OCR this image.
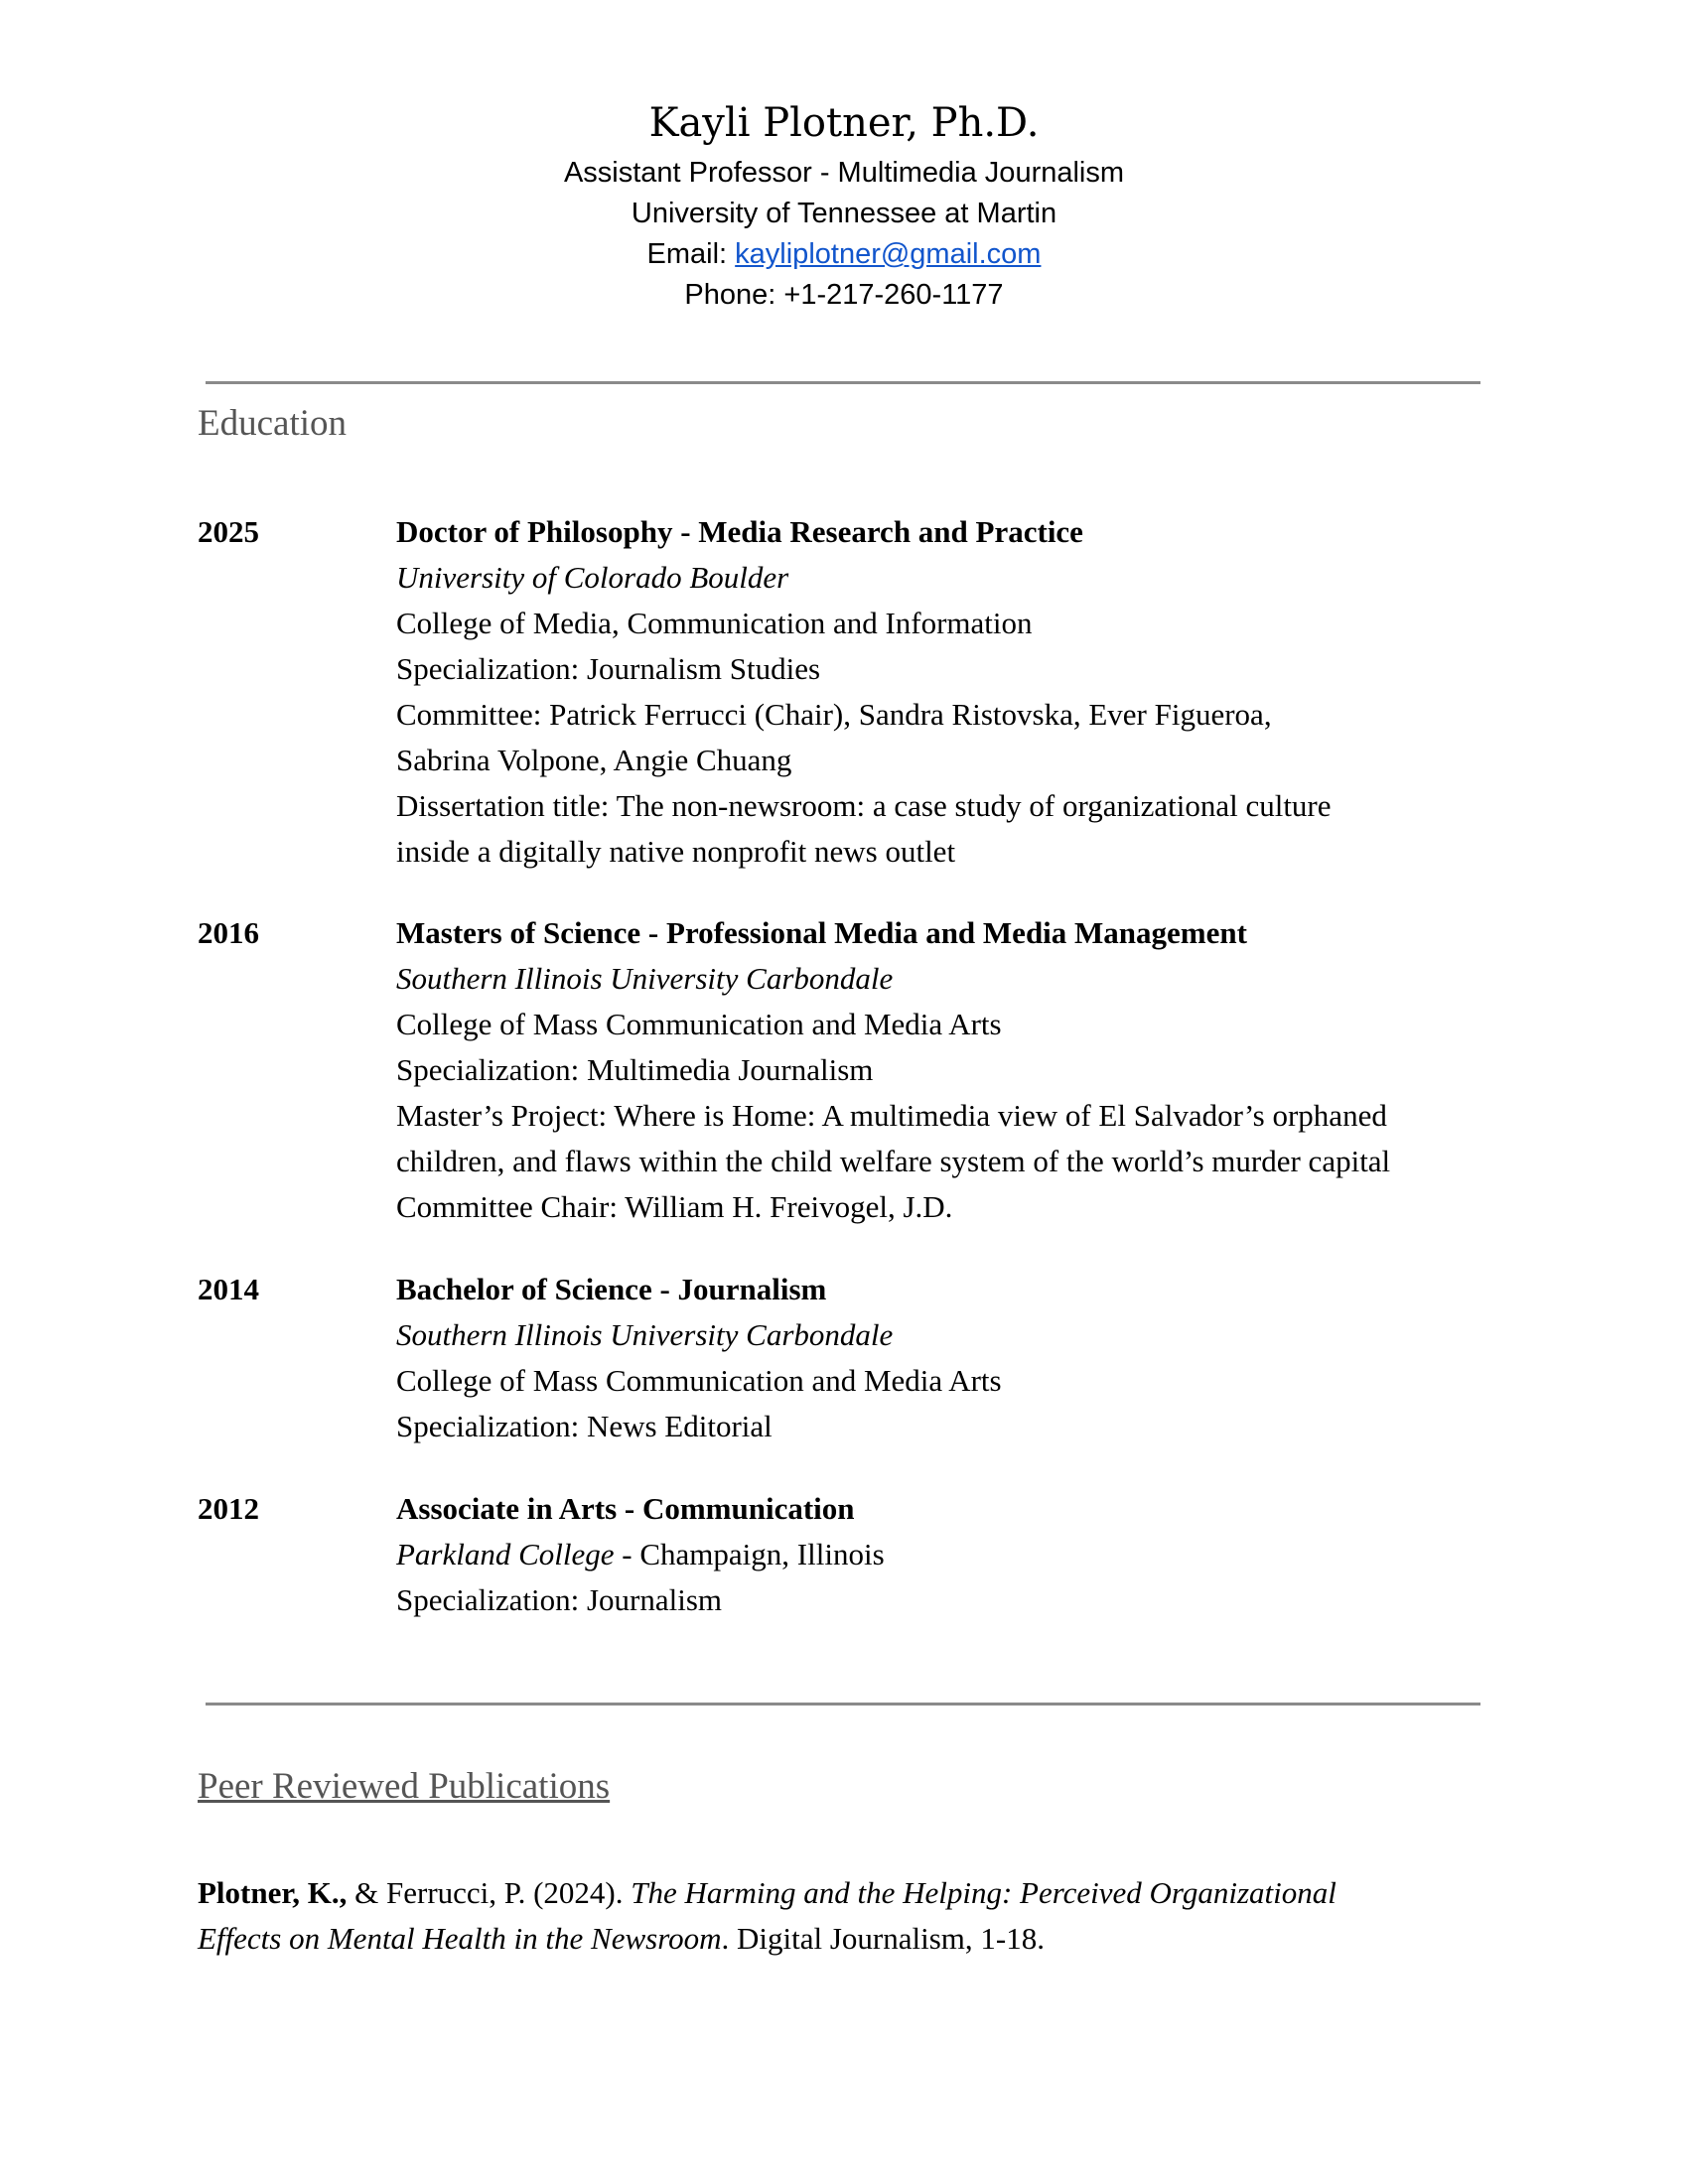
Kayli Plotner, Ph.D.
Assistant Professor - Multimedia Journalism
University of Tennessee at Martin
Email: kayliplotner@gmail.com
Phone: +1-217-260-1177
Education
2025	Doctor of Philosophy - Media Research and Practice
University of Colorado Boulder
College of Media, Communication and Information
Specialization: Journalism Studies
Committee: Patrick Ferrucci (Chair), Sandra Ristovska, Ever Figueroa,
Sabrina Volpone, Angie Chuang
Dissertation title: The non-newsroom: a case study of organizational culture
inside a digitally native nonprofit news outlet
2016	Masters of Science - Professional Media and Media Management
Southern Illinois University Carbondale
College of Mass Communication and Media Arts
Specialization: Multimedia Journalism
Master’s Project: Where is Home: A multimedia view of El Salvador’s orphaned
children, and flaws within the child welfare system of the world’s murder capital
Committee Chair: William H. Freivogel, J.D.
2014	Bachelor of Science - Journalism
Southern Illinois University Carbondale
College of Mass Communication and Media Arts
Specialization: News Editorial
2012	Associate in Arts - Communication
Parkland College - Champaign, Illinois
Specialization: Journalism
Peer Reviewed Publications
Plotner, K., & Ferrucci, P. (2024). The Harming and the Helping: Perceived Organizational
Effects on Mental Health in the Newsroom. Digital Journalism, 1-18.
